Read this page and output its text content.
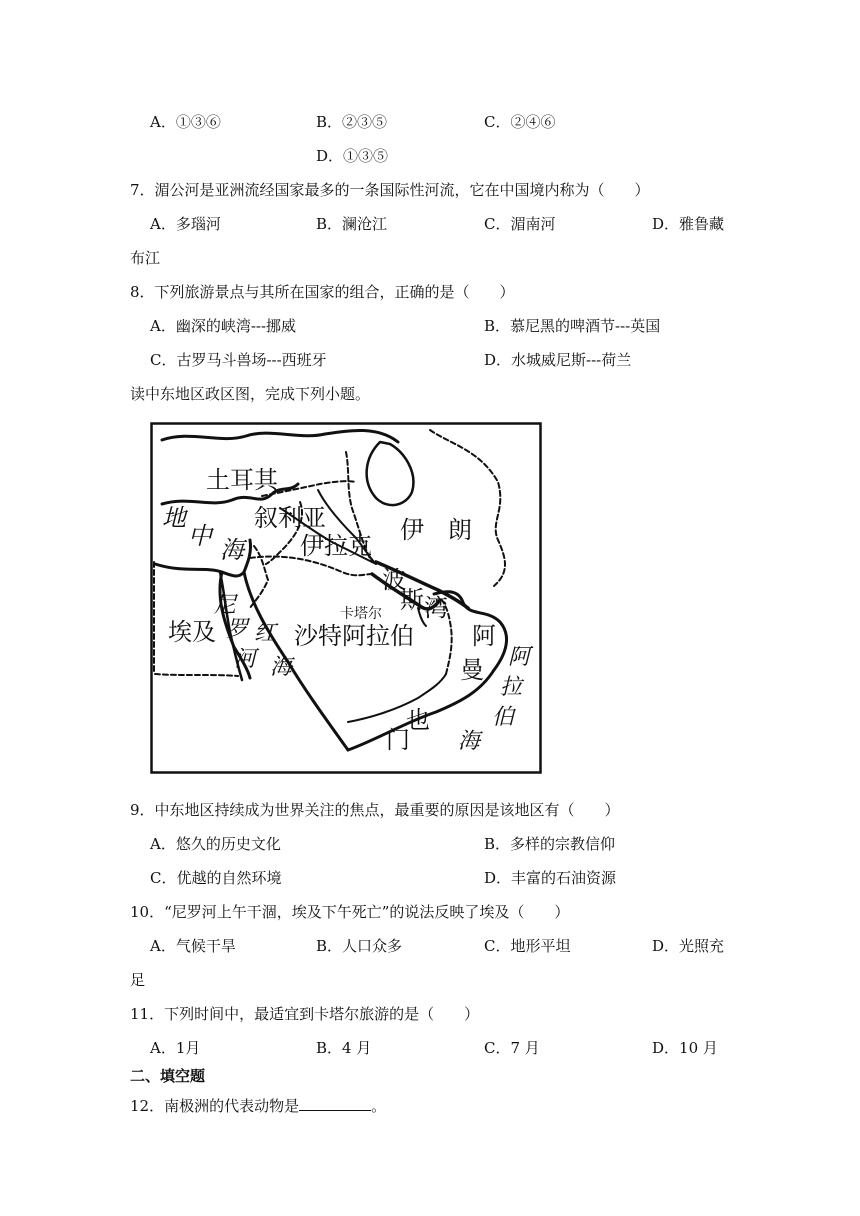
A．①③⑥	B．②③⑤	C．②④⑥
D．①③⑤
7．湄公河是亚洲流经国家最多的一条国际性河流，它在中国境内称为（　　）
A．多瑙河	B．澜沧江	C．湄南河	D．雅鲁藏
布江
8．下列旅游景点与其所在国家的组合，正确的是（　　）
A．幽深的峡湾---挪威	B．慕尼黑的啤酒节---英国
C．古罗马斗兽场---西班牙	D．水城威尼斯---荷兰
读中东地区政区图，完成下列小题。
土耳其
叙利亚
伊拉克
伊　朗
埃及	沙特阿拉伯
卡塔尔
阿
曼
也
门
地
中 海
尼
罗
河
红
海
波
斯 湾
阿
拉
伯
海
9．中东地区持续成为世界关注的焦点，最重要的原因是该地区有（　　）
A．悠久的历史文化	B．多样的宗教信仰
C．优越的自然环境	D．丰富的石油资源
10．“尼罗河上午干涸，埃及下午死亡”的说法反映了埃及（　　）
A．气候干旱	B．人口众多	C．地形平坦	D．光照充
足
11．下列时间中，最适宜到卡塔尔旅游的是（　　）
A．1月	B．4 月	C．7 月	D．10 月
二、填空题
12．南极洲的代表动物是	。
